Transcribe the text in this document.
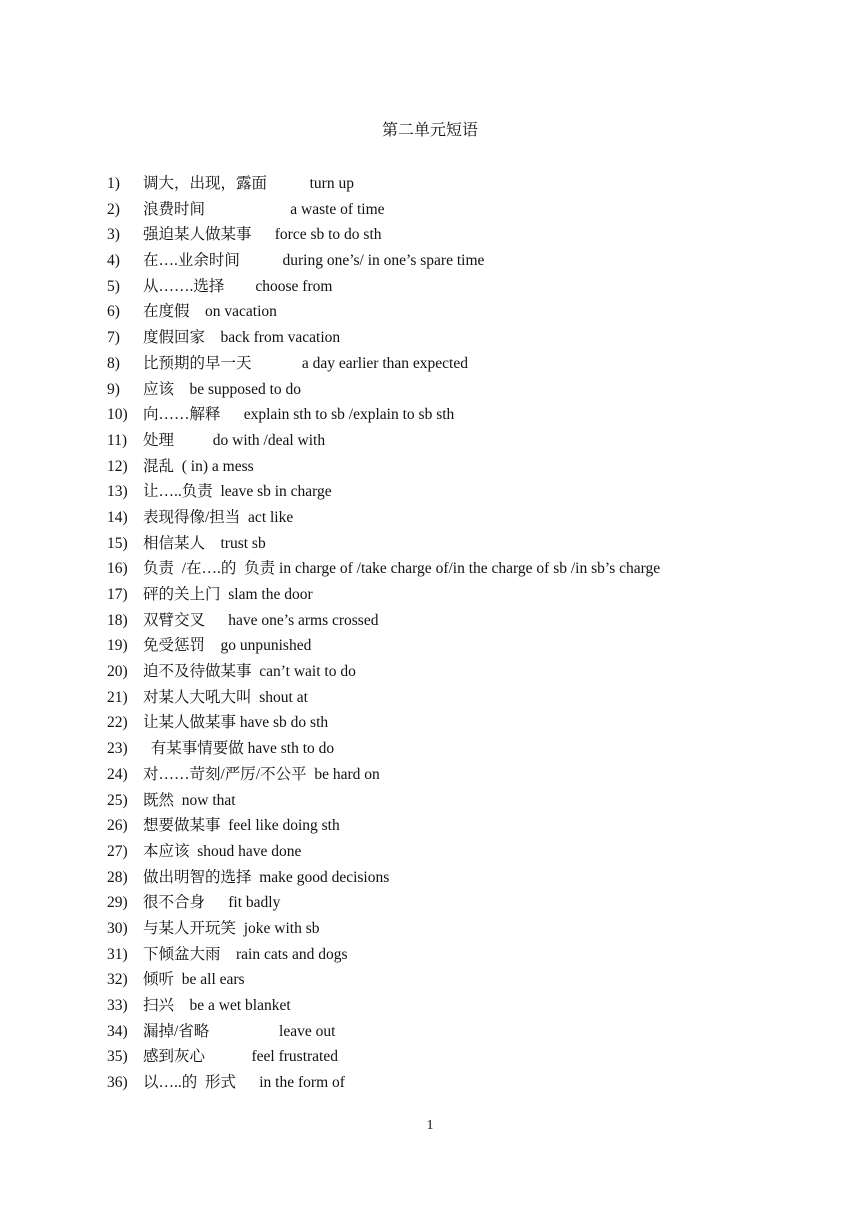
第二单元短语
1) 调大，出现，露面           turn up
2) 浪费时间                      a waste of time
3) 强迫某人做某事      force sb to do sth
4) 在….业余时间           during one’s/ in one’s spare time
5) 从…….选择        choose from
6) 在度假    on vacation
7) 度假回家    back from vacation
8) 比预期的早一天             a day earlier than expected
9) 应该    be supposed to do
10) 向……解释      explain sth to sb /explain to sb sth
11) 处理          do with /deal with
12) 混乱  ( in) a mess
13) 让…..负责  leave sb in charge
14) 表现得像/担当  act like
15) 相信某人    trust sb
16) 负责  /在….的  负责 in charge of /take charge of/in the charge of sb /in sb’s charge
17) 砰的关上门  slam the door
18) 双臂交叉      have one’s arms crossed
19) 免受惩罚    go unpunished
20) 迫不及待做某事  can’t wait to do
21) 对某人大吼大叫  shout at
22) 让某人做某事 have sb do sth
23) 有某事情要做 have sth to do
24) 对……苛刻/严厉/不公平  be hard on
25) 既然  now that
26) 想要做某事  feel like doing sth
27) 本应该  shoud have done
28) 做出明智的选择  make good decisions
29) 很不合身      fit badly
30) 与某人开玩笑  joke with sb
31) 下倾盆大雨    rain cats and dogs
32) 倾听  be all ears
33) 扫兴    be a wet blanket
34) 漏掉/省略                  leave out
35) 感到灰心            feel frustrated
36) 以…..的  形式      in the form of
1
